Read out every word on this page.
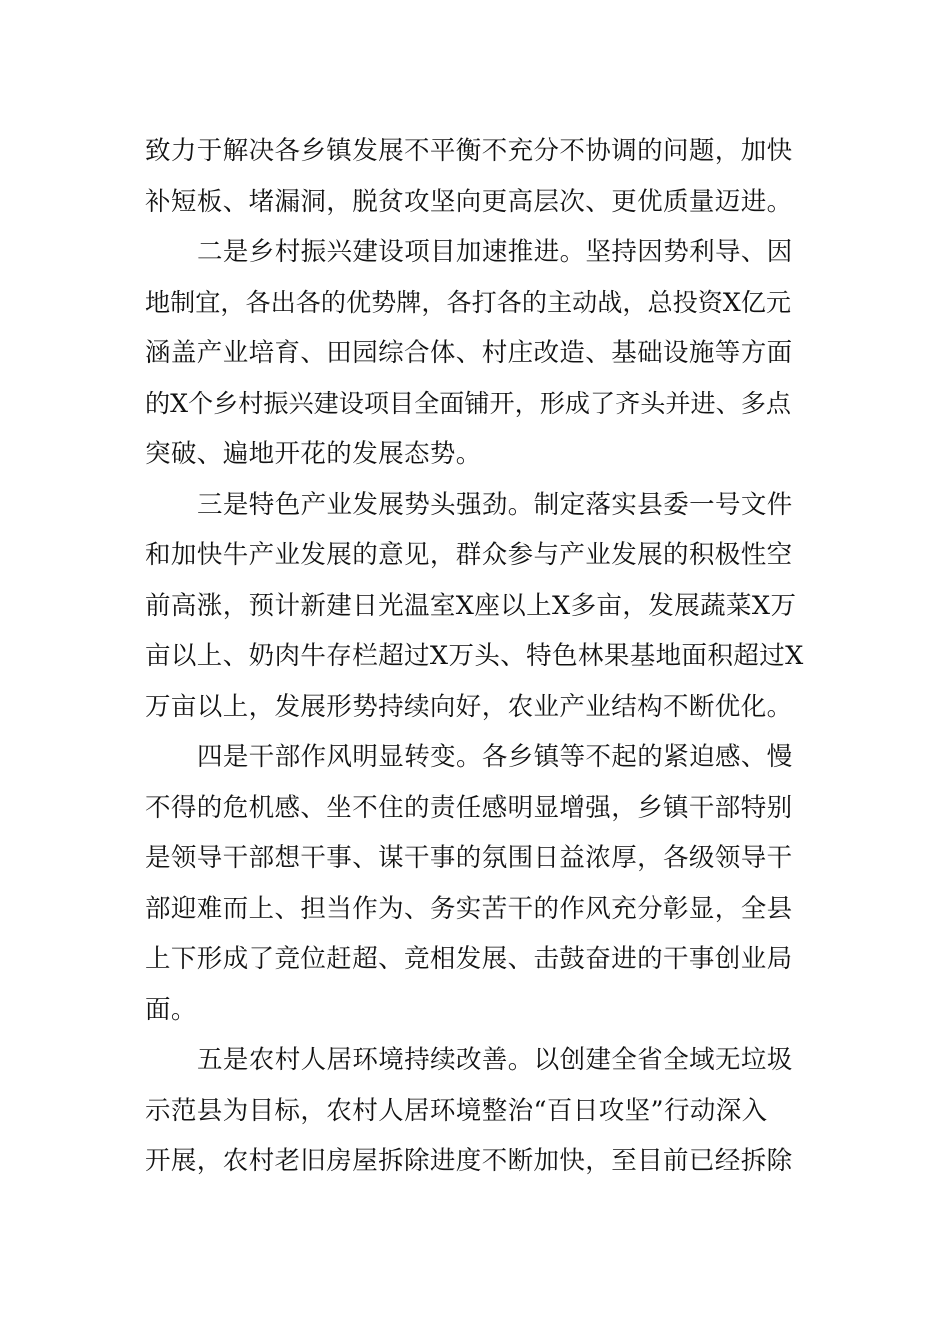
致力于解决各乡镇发展不平衡不充分不协调的问题，加快
补短板、堵漏洞，脱贫攻坚向更高层次、更优质量迈进。
二是乡村振兴建设项目加速推进。坚持因势利导、因
地制宜，各出各的优势牌，各打各的主动战，总投资X亿元
涵盖产业培育、田园综合体、村庄改造、基础设施等方面
的X个乡村振兴建设项目全面铺开，形成了齐头并进、多点
突破、遍地开花的发展态势。
三是特色产业发展势头强劲。制定落实县委一号文件
和加快牛产业发展的意见，群众参与产业发展的积极性空
前高涨，预计新建日光温室X座以上X多亩，发展蔬菜X万
亩以上、奶肉牛存栏超过X万头、特色林果基地面积超过X
万亩以上，发展形势持续向好，农业产业结构不断优化。
四是干部作风明显转变。各乡镇等不起的紧迫感、慢
不得的危机感、坐不住的责任感明显增强，乡镇干部特别
是领导干部想干事、谋干事的氛围日益浓厚，各级领导干
部迎难而上、担当作为、务实苦干的作风充分彰显，全县
上下形成了竞位赶超、竞相发展、击鼓奋进的干事创业局
面。
五是农村人居环境持续改善。以创建全省全域无垃圾
示范县为目标，农村人居环境整治“百日攻坚”行动深入
开展，农村老旧房屋拆除进度不断加快，至目前已经拆除
